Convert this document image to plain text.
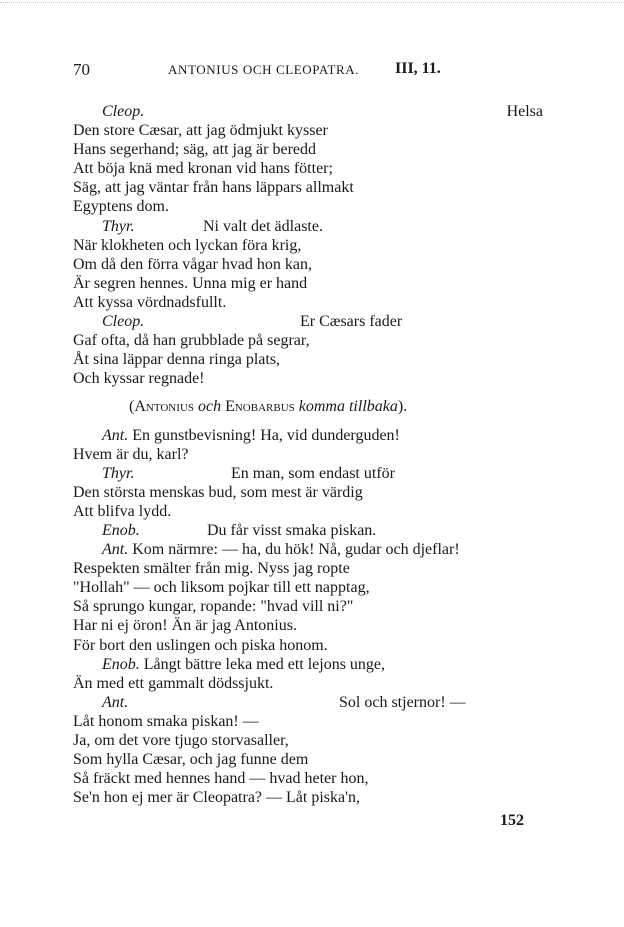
70	ANTONIUS OCH CLEOPATRA. III, 11.
Cleop.	Helsa
Den store Cæsar, att jag ödmjukt kysser
Hans segerhand; säg, att jag är beredd
Att böja knä med kronan vid hans fötter;
Säg, att jag väntar från hans läppars allmakt
Egyptens dom.
Thyr.	Ni valt det ädlaste.
När klokheten och lyckan föra krig,
Om då den förra vågar hvad hon kan,
Är segren hennes. Unna mig er hand
Att kyssa vördnadsfullt.
Cleop.	Er Cæsars fader
Gaf ofta, då han grubblade på segrar,
Åt sina läppar denna ringa plats,
Och kyssar regnade!
(Antonius och Enobarbus komma tillbaka).
Ant. En gunstbevisning! Ha, vid dunderguden!
Hvem är du, karl?
Thyr.	En man, som endast utför
Den största menskas bud, som mest är värdig
Att blifva lydd.
Enob.	Du får visst smaka piskan.
Ant. Kom närmre: — ha, du hök! Nå, gudar och djeflar!
Respekten smälter från mig. Nyss jag ropte
"Hollah" — och liksom pojkar till ett napptag,
Så sprungo kungar, ropande: "hvad vill ni?"
Har ni ej öron! Än är jag Antonius.
För bort den uslingen och piska honom.
Enob. Långt bättre leka med ett lejons unge,
Än med ett gammalt dödssjukt.
Ant.	Sol och stjernor! —
Låt honom smaka piskan! —
Ja, om det vore tjugo storvasaller,
Som hylla Cæsar, och jag funne dem
Så fräckt med hennes hand — hvad heter hon,
Se'n hon ej mer är Cleopatra? — Låt piska'n,
152
